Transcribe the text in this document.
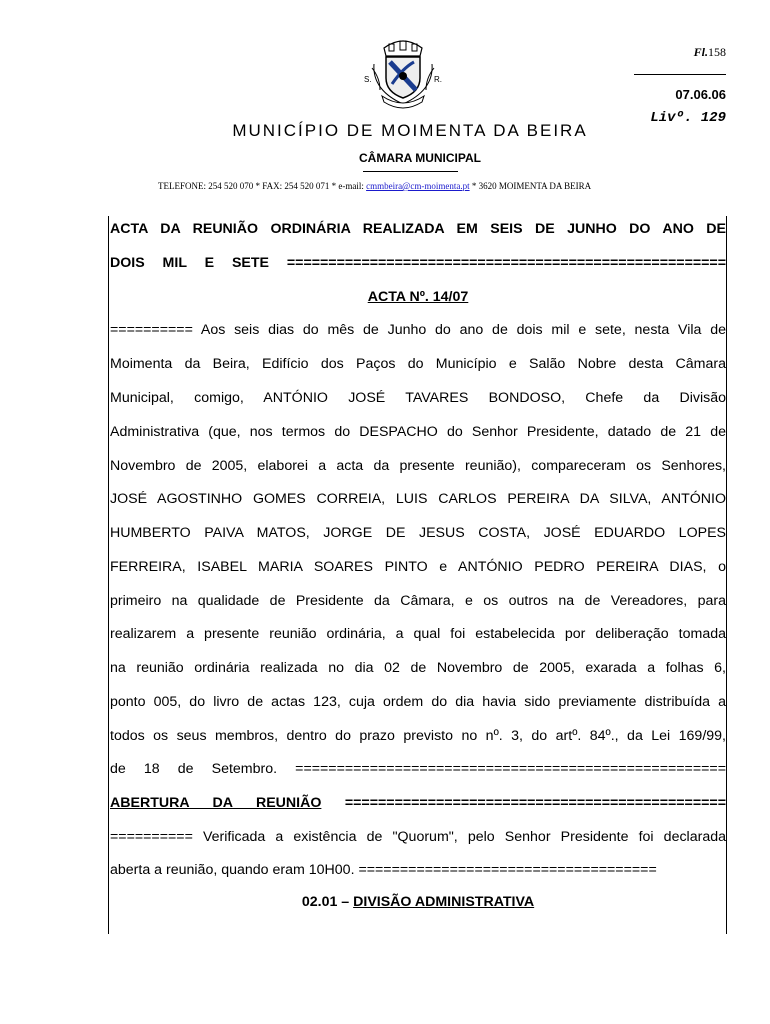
S.	R.
Fl.158
07.06.06
Livº. 129
MUNICÍPIO DE MOIMENTA DA BEIRA
CÂMARA MUNICIPAL
TELEFONE: 254 520 070 * FAX: 254 520 071 * e-mail: cmmbeira@cm-moimenta.pt * 3620 MOIMENTA DA BEIRA
ACTA DA REUNIÃO ORDINÁRIA REALIZADA EM SEIS DE JUNHO DO ANO DE
DOIS MIL E SETE =====================================================
ACTA Nº. 14/07
========== Aos seis dias do mês de Junho do ano de dois mil e sete, nesta Vila de
Moimenta da Beira, Edifício dos Paços do Município e Salão Nobre desta Câmara
Municipal, comigo, ANTÓNIO JOSÉ TAVARES BONDOSO, Chefe da Divisão
Administrativa (que, nos termos do DESPACHO do Senhor Presidente, datado de 21 de
Novembro de 2005, elaborei a acta da presente reunião), compareceram os Senhores,
JOSÉ AGOSTINHO GOMES CORREIA, LUIS CARLOS PEREIRA DA SILVA, ANTÓNIO
HUMBERTO PAIVA MATOS, JORGE DE JESUS COSTA, JOSÉ EDUARDO LOPES
FERREIRA, ISABEL MARIA SOARES PINTO e ANTÓNIO PEDRO PEREIRA DIAS, o
primeiro na qualidade de Presidente da Câmara, e os outros na de Vereadores, para
realizarem a presente reunião ordinária, a qual foi estabelecida por deliberação tomada
na reunião ordinária realizada no dia 02 de Novembro de 2005, exarada a folhas 6,
ponto 005, do livro de actas 123, cuja ordem do dia havia sido previamente distribuída a
todos os seus membros, dentro do prazo previsto no nº. 3, do artº. 84º., da Lei 169/99,
de 18 de Setembro. ====================================================
ABERTURA DA REUNIÃO ==============================================
========== Verificada a existência de "Quorum", pelo Senhor Presidente foi declarada
aberta a reunião, quando eram 10H00. ====================================
02.01 – DIVISÃO ADMINISTRATIVA
